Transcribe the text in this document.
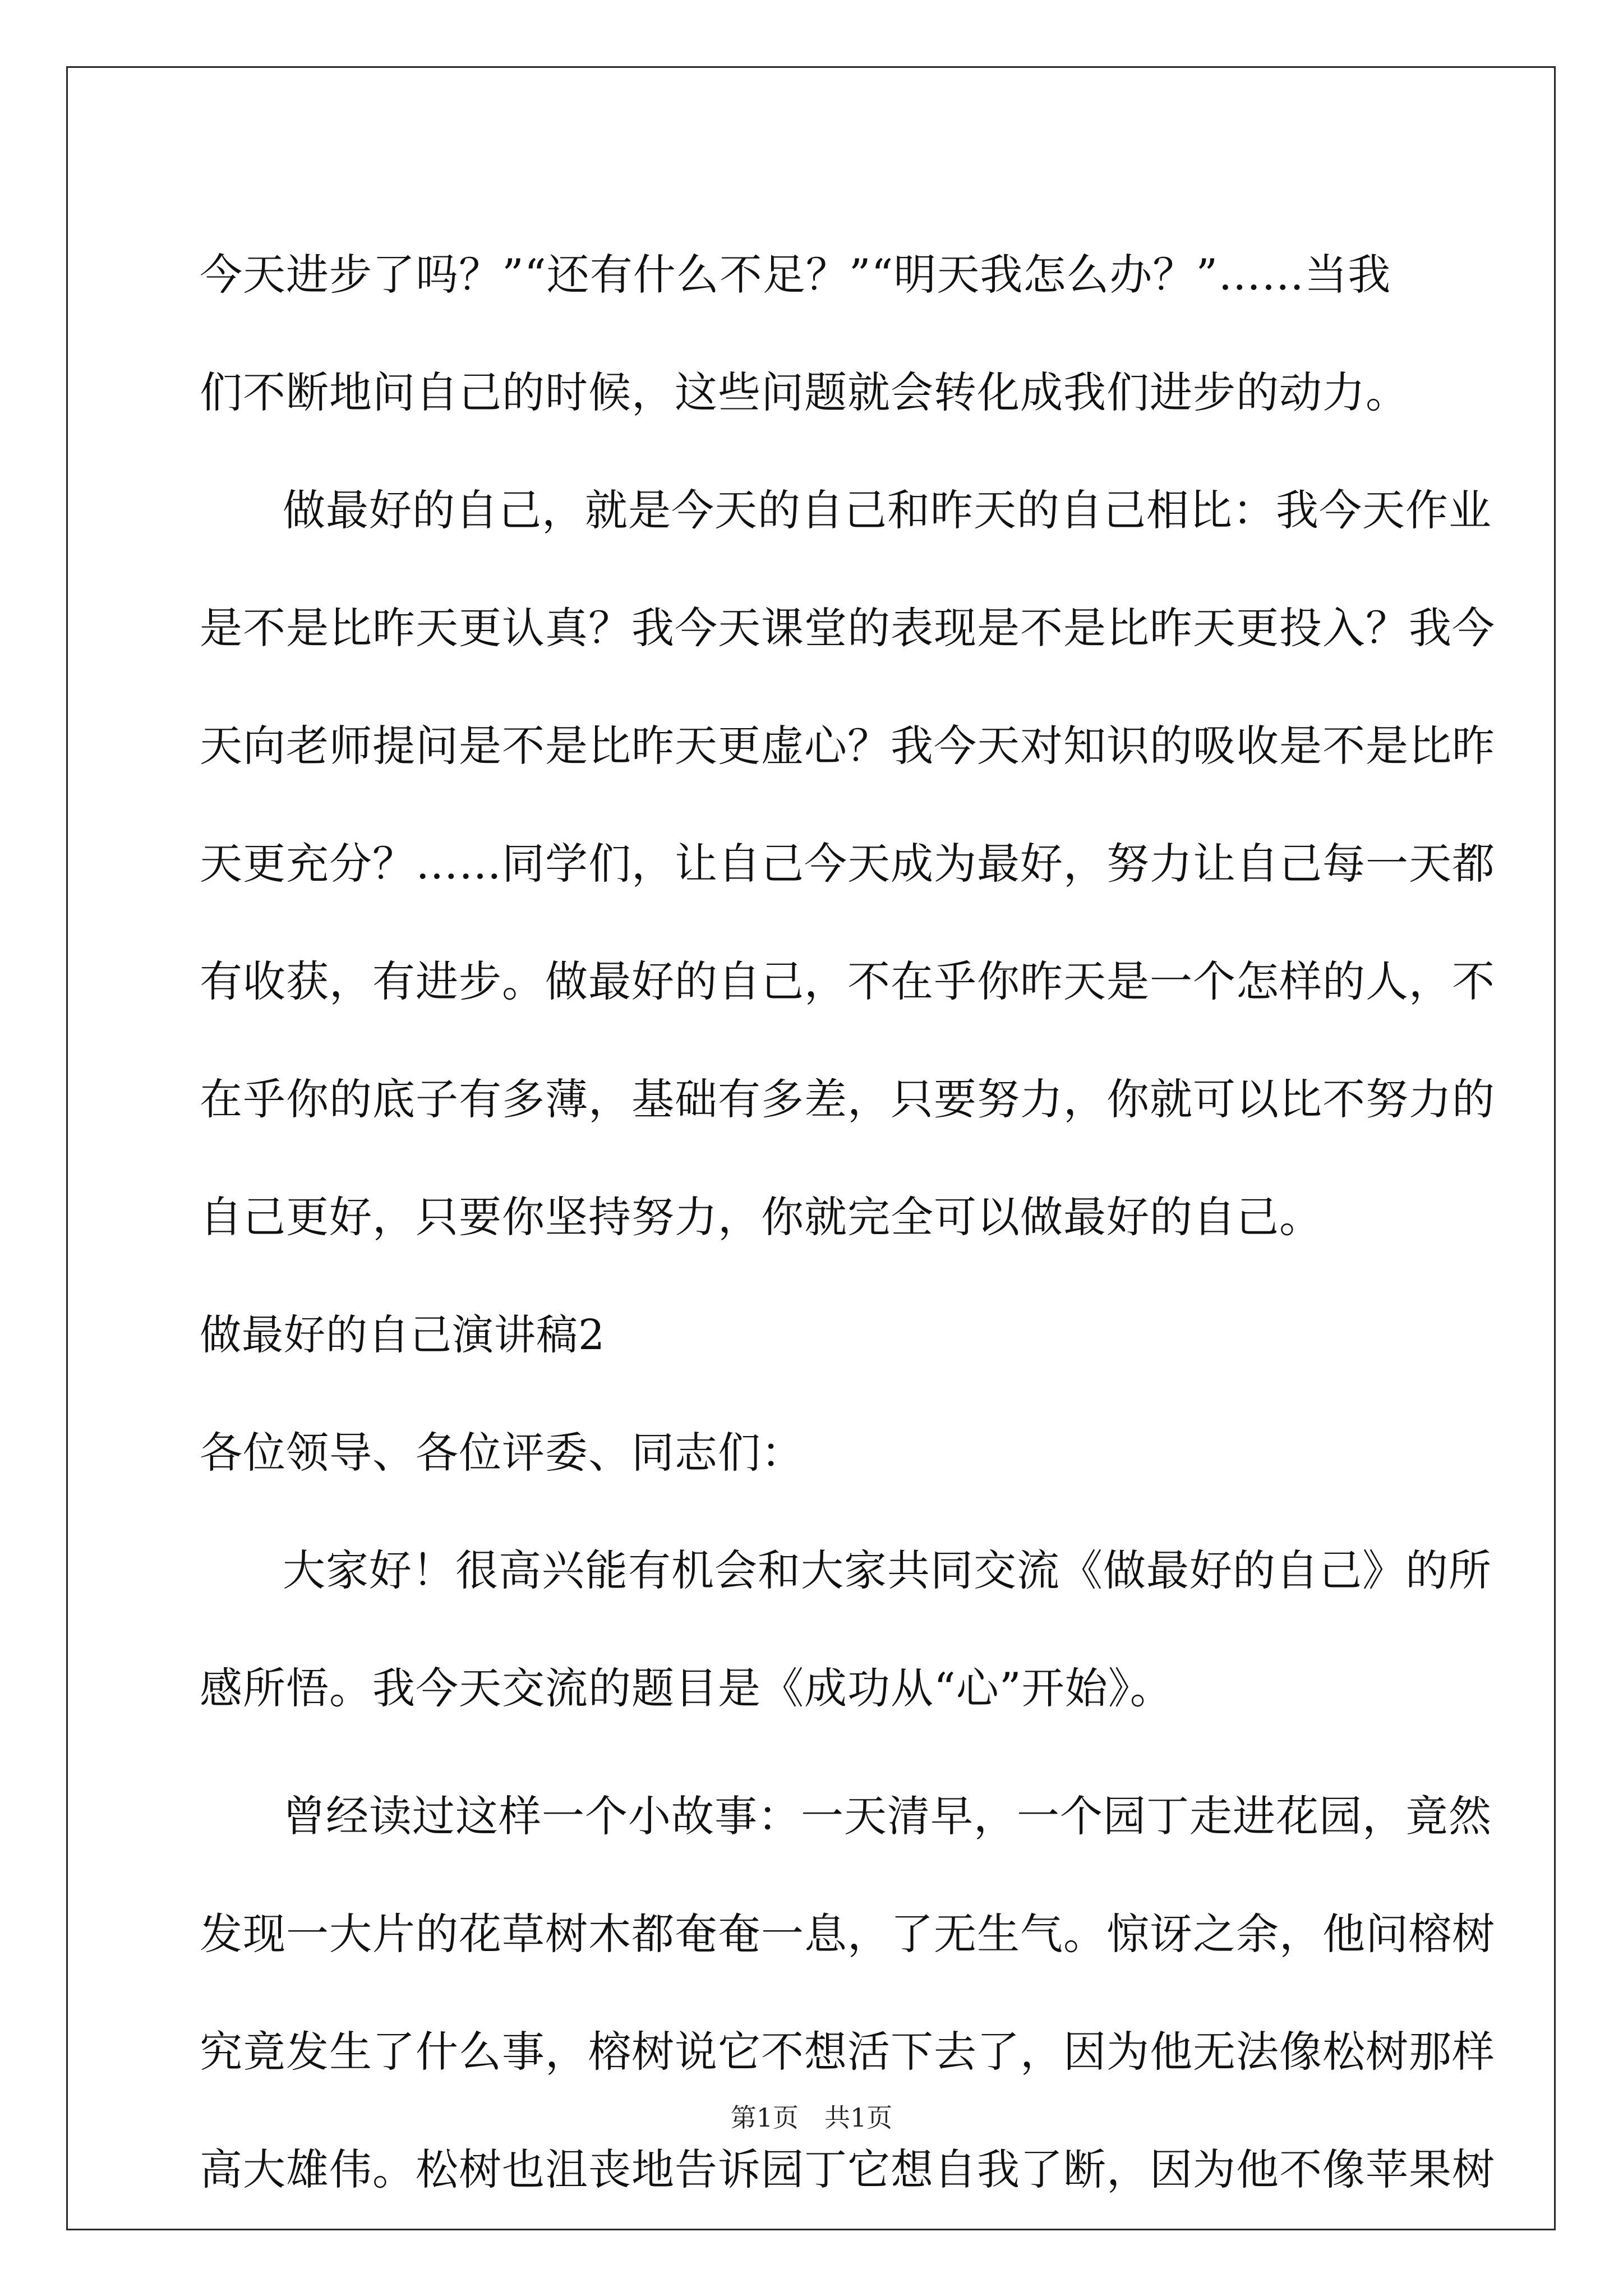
今天进步了吗？”“还有什么不足？”“明天我怎么办？”……当我
们不断地问自己的时候，这些问题就会转化成我们进步的动力。
做最好的自己，就是今天的自己和昨天的自己相比：我今天作业
是不是比昨天更认真？我今天课堂的表现是不是比昨天更投入？我今
天向老师提问是不是比昨天更虚心？我今天对知识的吸收是不是比昨
天更充分？……同学们，让自己今天成为最好，努力让自己每一天都
有收获，有进步。做最好的自己，不在乎你昨天是一个怎样的人，不
在乎你的底子有多薄，基础有多差，只要努力，你就可以比不努力的
自己更好，只要你坚持努力，你就完全可以做最好的自己。
做最好的自己演讲稿2
各位领导、各位评委、同志们：
大家好！很高兴能有机会和大家共同交流《做最好的自己》的所
感所悟。我今天交流的题目是《成功从“心”开始》。
曾经读过这样一个小故事：一天清早，一个园丁走进花园，竟然
发现一大片的花草树木都奄奄一息，了无生气。惊讶之余，他问榕树
究竟发生了什么事，榕树说它不想活下去了，因为他无法像松树那样
高大雄伟。松树也沮丧地告诉园丁它想自我了断，因为他不像苹果树
第1页　共1页
